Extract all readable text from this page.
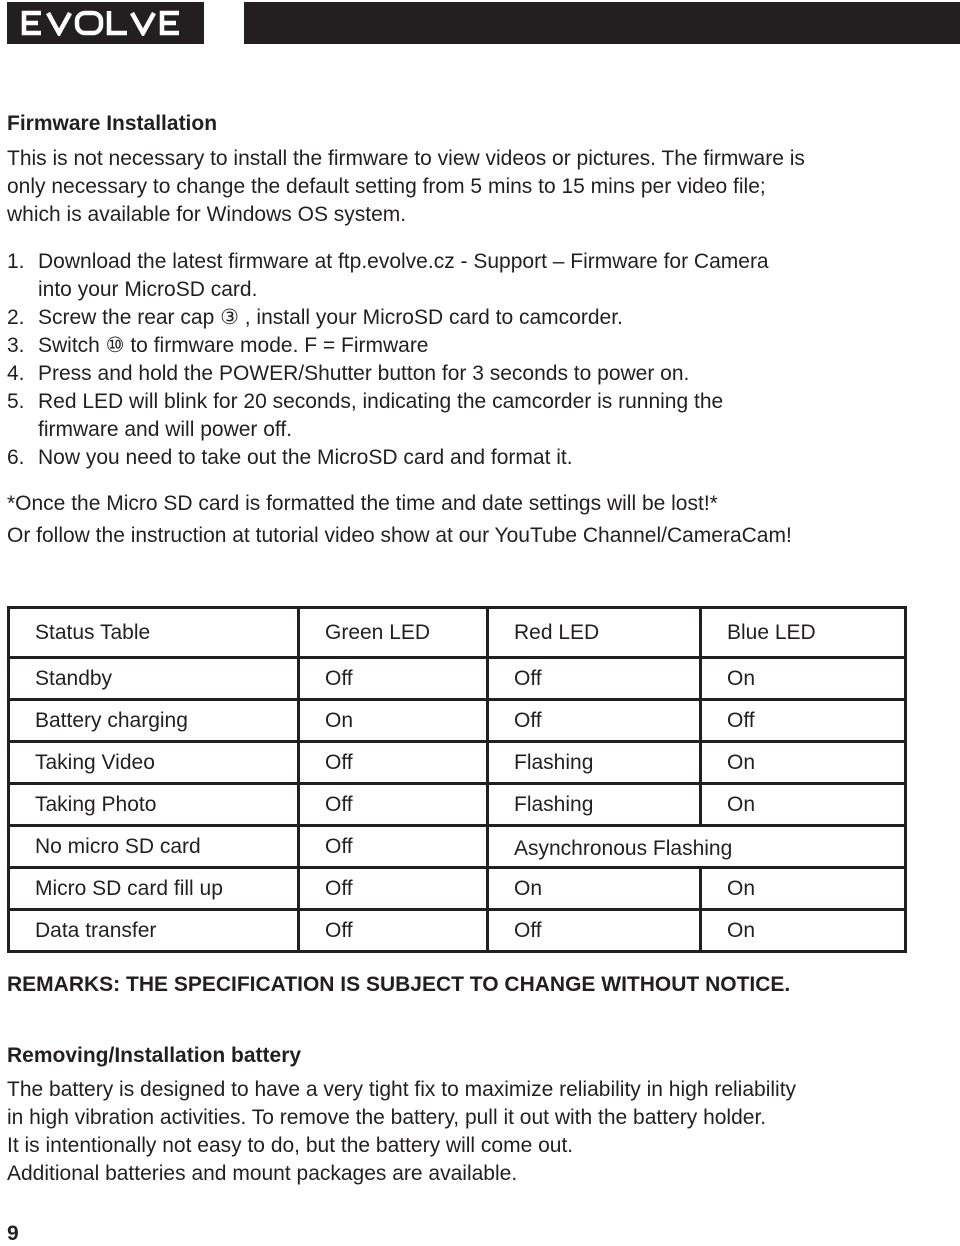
Firmware Installation
This is not necessary to install the firmware to view videos or pictures. The firmware is
only necessary to change the default setting from 5 mins to 15 mins per video file;
which is available for Windows OS system.
1. Download the latest firmware at ftp.evolve.cz - Support – Firmware for Camera
into your MicroSD card.
2. Screw the rear cap ③ , install your MicroSD card to camcorder.
3. Switch ⑩ to firmware mode. F = Firmware
4. Press and hold the POWER/Shutter button for 3 seconds to power on.
5. Red LED will blink for 20 seconds, indicating the camcorder is running the
firmware and will power off.
6. Now you need to take out the MicroSD card and format it.
*Once the Micro SD card is formatted the time and date settings will be lost!*
Or follow the instruction at tutorial video show at our YouTube Channel/CameraCam!
Status Table	Green LED	Red LED	Blue LED
Standby	Off	Off	On
Battery charging	On	Off	Off
Taking Video	Off	Flashing	On
Taking Photo	Off	Flashing	On
No micro SD card	Off	Asynchronous Flashing	
Micro SD card fill up	Off	On	On
Data transfer	Off	Off	On
REMARKS: THE SPECIFICATION IS SUBJECT TO CHANGE WITHOUT NOTICE.
Removing/Installation battery
The battery is designed to have a very tight fix to maximize reliability in high reliability
in high vibration activities. To remove the battery, pull it out with the battery holder.
It is intentionally not easy to do, but the battery will come out.
Additional batteries and mount packages are available.
9
